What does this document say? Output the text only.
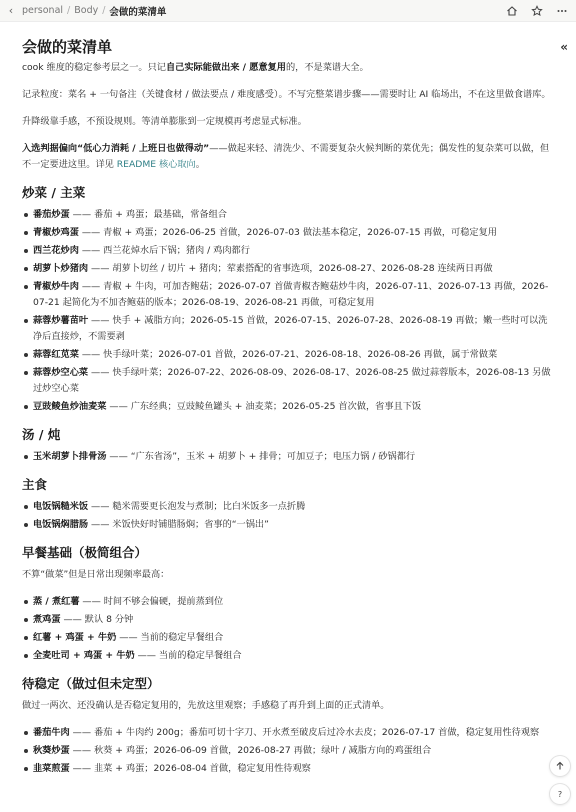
‹ personal / Body / 会做的菜清单
«
会做的菜清单

cook 维度的稳定参考层之一。只记自己实际能做出来 / 愿意复用的，不是菜谱大全。

记录粒度：菜名 + 一句备注（关键食材 / 做法要点 / 难度感受）。不写完整菜谱步骤——需要时让 AI 临场出，不在这里做食谱库。

升降级靠手感，不预设规则。等清单膨胀到一定规模再考虑显式标准。

入选判据偏向“低心力消耗 / 上班日也做得动”——做起来轻、清洗少、不需要复杂火候判断的菜优先；偶发性的复杂菜可以做，但不一定要进这里。详见 README 核心取向。

炒菜 / 主菜
番茄炒蛋 —— 番茄 + 鸡蛋；最基础，常备组合
青椒炒鸡蛋 —— 青椒 + 鸡蛋；2026-06-25 首做，2026-07-03 做法基本稳定，2026-07-15 再做，可稳定复用
西兰花炒肉 —— 西兰花焯水后下锅；猪肉 / 鸡肉都行
胡萝卜炒猪肉 —— 胡萝卜切丝 / 切片 + 猪肉；荤素搭配的省事选项，2026-08-27、2026-08-28 连续两日再做
青椒炒牛肉 —— 青椒 + 牛肉，可加杏鲍菇；2026-07-07 首做青椒杏鲍菇炒牛肉，2026-07-11、2026-07-13 再做，2026-07-21 起简化为不加杏鲍菇的版本；2026-08-19、2026-08-21 再做，可稳定复用
蒜蓉炒薯苗叶 —— 快手 + 减脂方向；2026-05-15 首做，2026-07-15、2026-07-28、2026-08-19 再做；嫩一些时可以洗净后直接炒，不需要剥
蒜蓉红苋菜 —— 快手绿叶菜；2026-07-01 首做，2026-07-21、2026-08-18、2026-08-26 再做，属于常做菜
蒜蓉炒空心菜 —— 快手绿叶菜；2026-07-22、2026-08-09、2026-08-17、2026-08-25 做过蒜蓉版本，2026-08-13 另做过炒空心菜
豆豉鲮鱼炒油麦菜 —— 广东经典；豆豉鲮鱼罐头 + 油麦菜；2026-05-25 首次做，省事且下饭
汤 / 炖
玉米胡萝卜排骨汤 —— “广东省汤”，玉米 + 胡萝卜 + 排骨；可加豆子；电压力锅 / 砂锅都行
主食
电饭锅糙米饭 —— 糙米需要更长泡发与煮制；比白米饭多一点折腾
电饭锅焖腊肠 —— 米饭快好时铺腊肠焖；省事的“一锅出”
早餐基础（极简组合）

不算“做菜”但是日常出现频率最高：

蒸 / 煮红薯 —— 时间不够会偏硬，提前蒸到位
煮鸡蛋 —— 默认 8 分钟
红薯 + 鸡蛋 + 牛奶 —— 当前的稳定早餐组合
全麦吐司 + 鸡蛋 + 牛奶 —— 当前的稳定早餐组合
待稳定（做过但未定型）

做过一两次、还没确认是否稳定复用的，先放这里观察；手感稳了再升到上面的正式清单。

番茄牛肉 —— 番茄 + 牛肉约 200g；番茄可切十字刀、开水煮至破皮后过冷水去皮；2026-07-17 首做，稳定复用性待观察
秋葵炒蛋 —— 秋葵 + 鸡蛋；2026-06-09 首做，2026-08-27 再做；绿叶 / 减脂方向的鸡蛋组合
韭菜煎蛋 —— 韭菜 + 鸡蛋；2026-08-04 首做，稳定复用性待观察
?
